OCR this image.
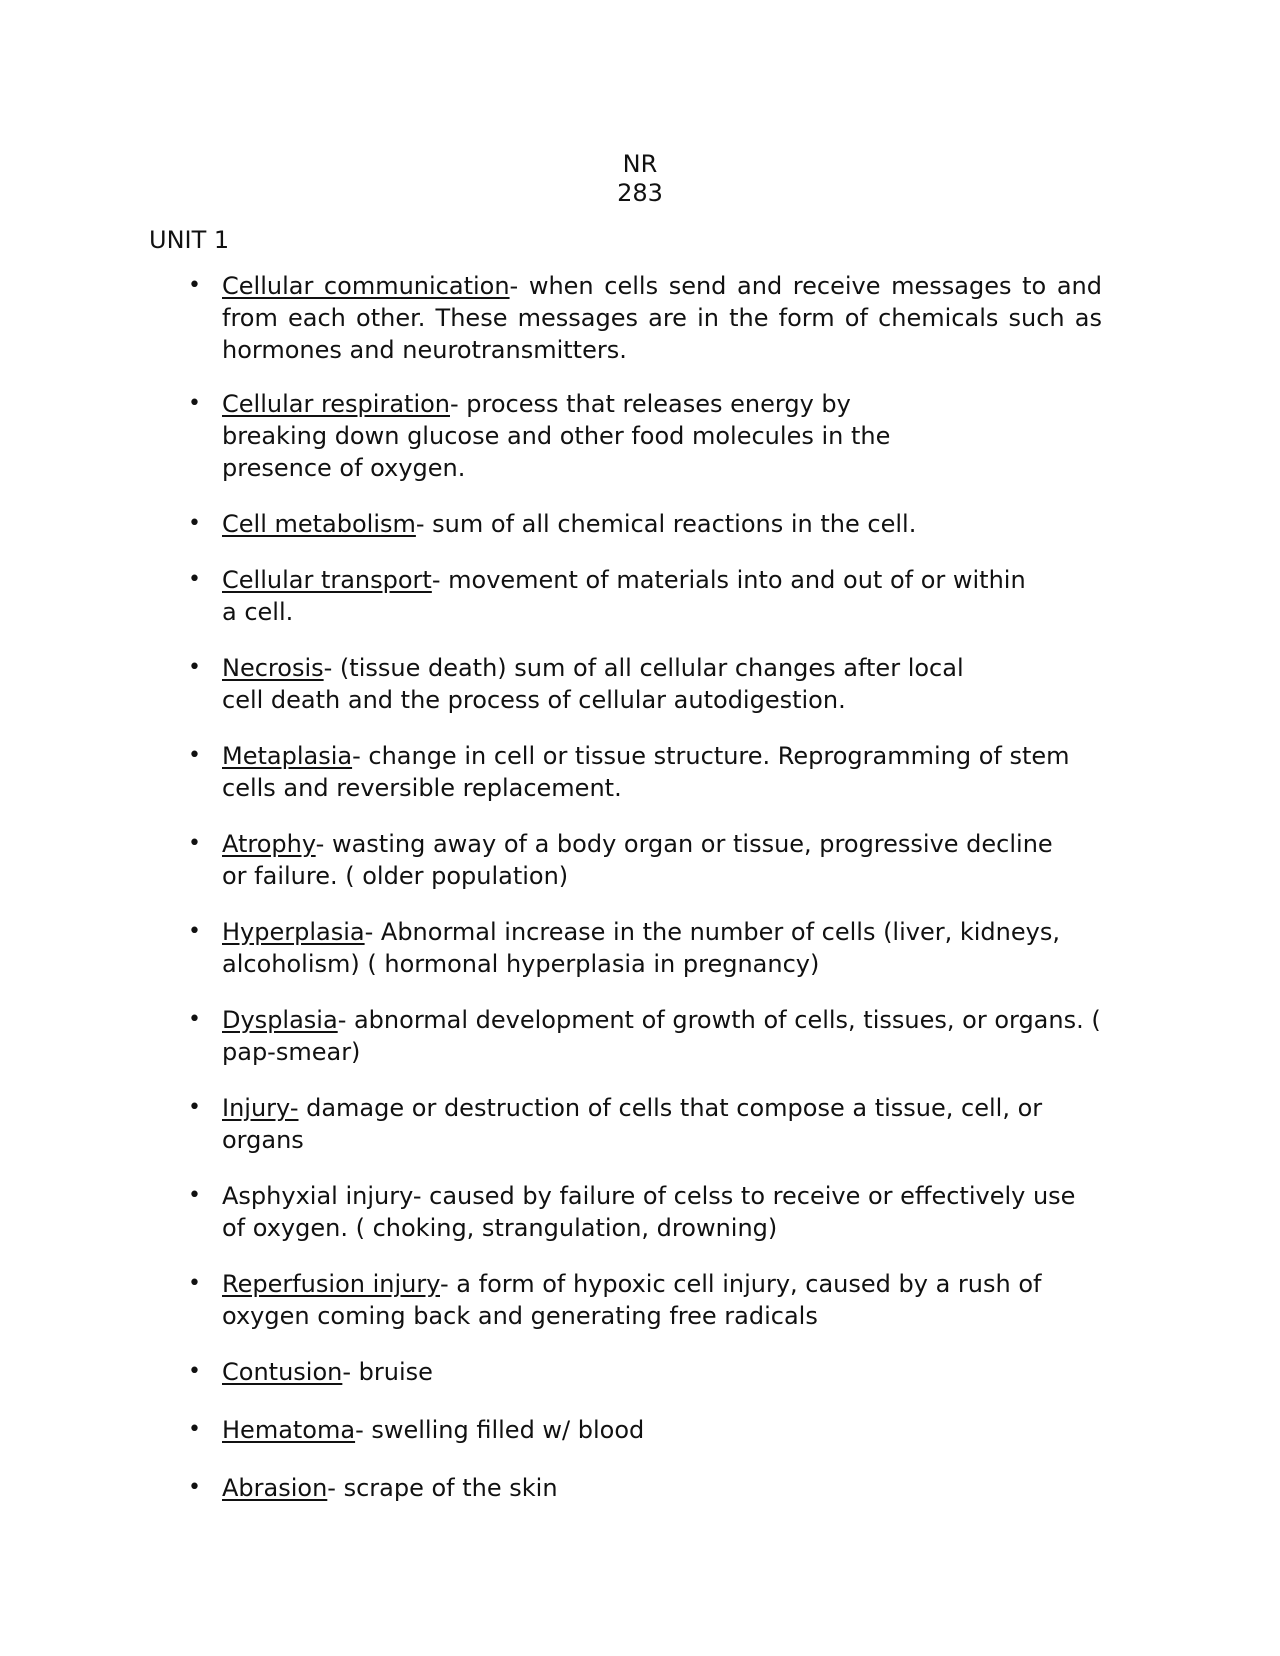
NR
283
UNIT 1
• Cellular communication- when cells send and receive messages to and from each other. These messages are in the form of chemicals such as hormones and neurotransmitters.
• Cellular respiration- process that releases energy by breaking down glucose and other food molecules in the presence of oxygen.
• Cell metabolism- sum of all chemical reactions in the cell.
• Cellular transport- movement of materials into and out of or within a cell.
• Necrosis- (tissue death) sum of all cellular changes after local cell death and the process of cellular autodigestion.
• Metaplasia- change in cell or tissue structure. Reprogramming of stem cells and reversible replacement.
• Atrophy- wasting away of a body organ or tissue, progressive decline or failure. ( older population)
• Hyperplasia- Abnormal increase in the number of cells (liver, kidneys, alcoholism) ( hormonal hyperplasia in pregnancy)
• Dysplasia- abnormal development of growth of cells, tissues, or organs. ( pap-smear)
• Injury- damage or destruction of cells that compose a tissue, cell, or organs
• Asphyxial injury- caused by failure of celss to receive or effectively use of oxygen. ( choking, strangulation, drowning)
• Reperfusion injury- a form of hypoxic cell injury, caused by a rush of oxygen coming back and generating free radicals
• Contusion- bruise
• Hematoma- swelling filled w/ blood
• Abrasion- scrape of the skin
